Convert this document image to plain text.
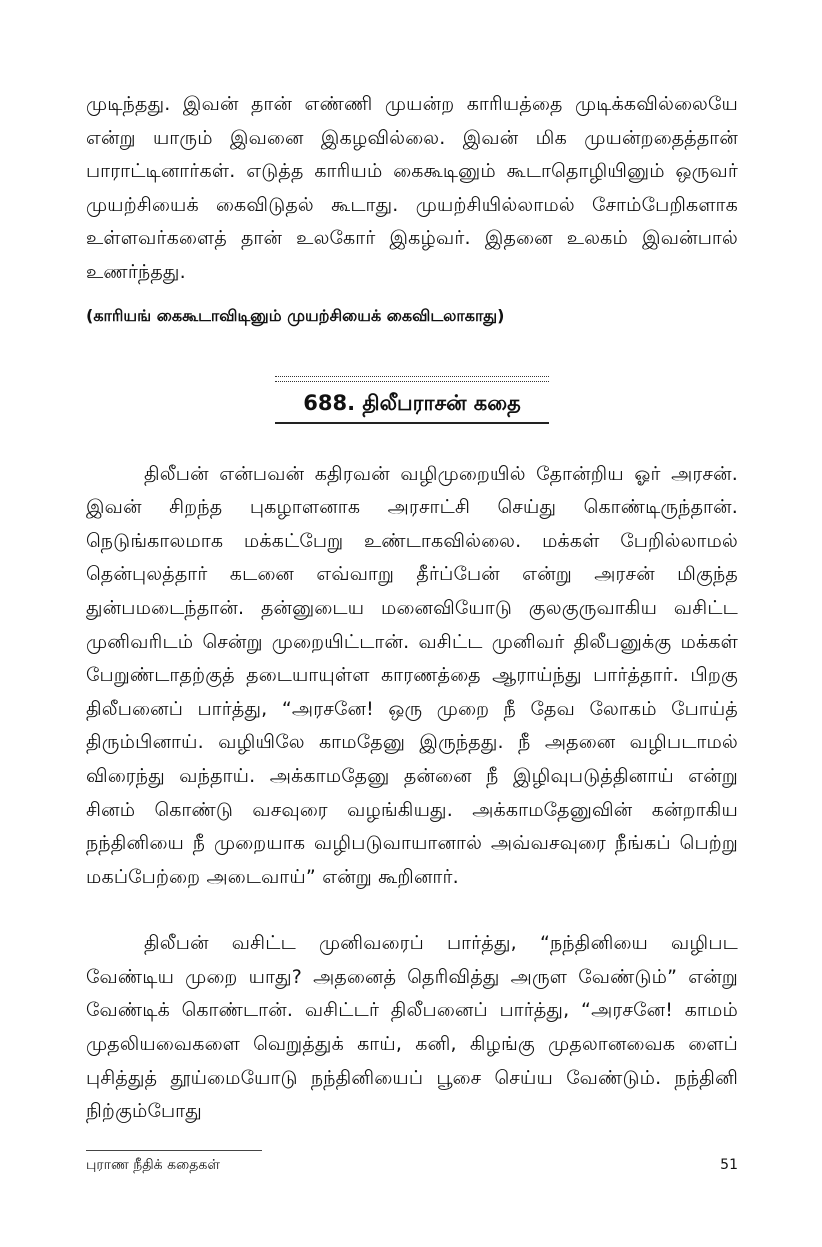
முடிந்தது. இவன் தான் எண்ணி முயன்ற காரியத்தை முடிக்கவில்லையே என்று யாரும் இவனை இகழவில்லை. இவன் மிக முயன்றதைத்தான் பாராட்டினார்கள். எடுத்த காரியம் கைகூடினும் கூடாதொழியினும் ஒருவர் முயற்சியைக் கைவிடுதல் கூடாது. முயற்சியில்லாமல் சோம்பேறிகளாக உள்ளவர்களைத் தான் உலகோர் இகழ்வர். இதனை உலகம் இவன்பால் உணர்ந்தது.

(காரியங் கைகூடாவிடினும் முயற்சியைக் கைவிடலாகாது)

688. திலீபராசன் கதை

திலீபன் என்பவன் கதிரவன் வழிமுறையில் தோன்றிய ஓர் அரசன். இவன் சிறந்த புகழாளனாக அரசாட்சி செய்து கொண்டிருந்தான். நெடுங்காலமாக மக்கட்பேறு உண்டாகவில்லை. மக்கள் பேறில்லாமல் தென்புலத்தார் கடனை எவ்வாறு தீர்ப்பேன் என்று அரசன் மிகுந்த துன்பமடைந்தான். தன்னுடைய மனைவியோடு குலகுருவாகிய வசிட்ட முனிவரிடம் சென்று முறையிட்டான். வசிட்ட முனிவர் திலீபனுக்கு மக்கள் பேறுண்டாதற்குத் தடையாயுள்ள காரணத்தை ஆராய்ந்து பார்த்தார். பிறகு திலீபனைப் பார்த்து, “அரசனே! ஒரு முறை நீ தேவ லோகம் போய்த் திரும்பினாய். வழியிலே காமதேனு இருந்தது. நீ அதனை வழிபடாமல் விரைந்து வந்தாய். அக்காமதேனு தன்னை நீ இழிவுபடுத்தினாய் என்று சினம் கொண்டு வசவுரை வழங்கியது. அக்காமதேனுவின் கன்றாகிய நந்தினியை நீ முறையாக வழிபடுவாயானால் அவ்வசவுரை நீங்கப் பெற்று மகப்பேற்றை அடைவாய்” என்று கூறினார்.

திலீபன் வசிட்ட முனிவரைப் பார்த்து, “நந்தினியை வழிபட வேண்டிய முறை யாது? அதனைத் தெரிவித்து அருள வேண்டும்” என்று வேண்டிக் கொண்டான். வசிட்டர் திலீபனைப் பார்த்து, “அரசனே! காமம் முதலியவைகளை வெறுத்துக் காய், கனி, கிழங்கு முதலானவைக ளைப் புசித்துத் தூய்மையோடு நந்தினியைப் பூசை செய்ய வேண்டும். நந்தினி நிற்கும்போது

புராண நீதிக் கதைகள்	51
